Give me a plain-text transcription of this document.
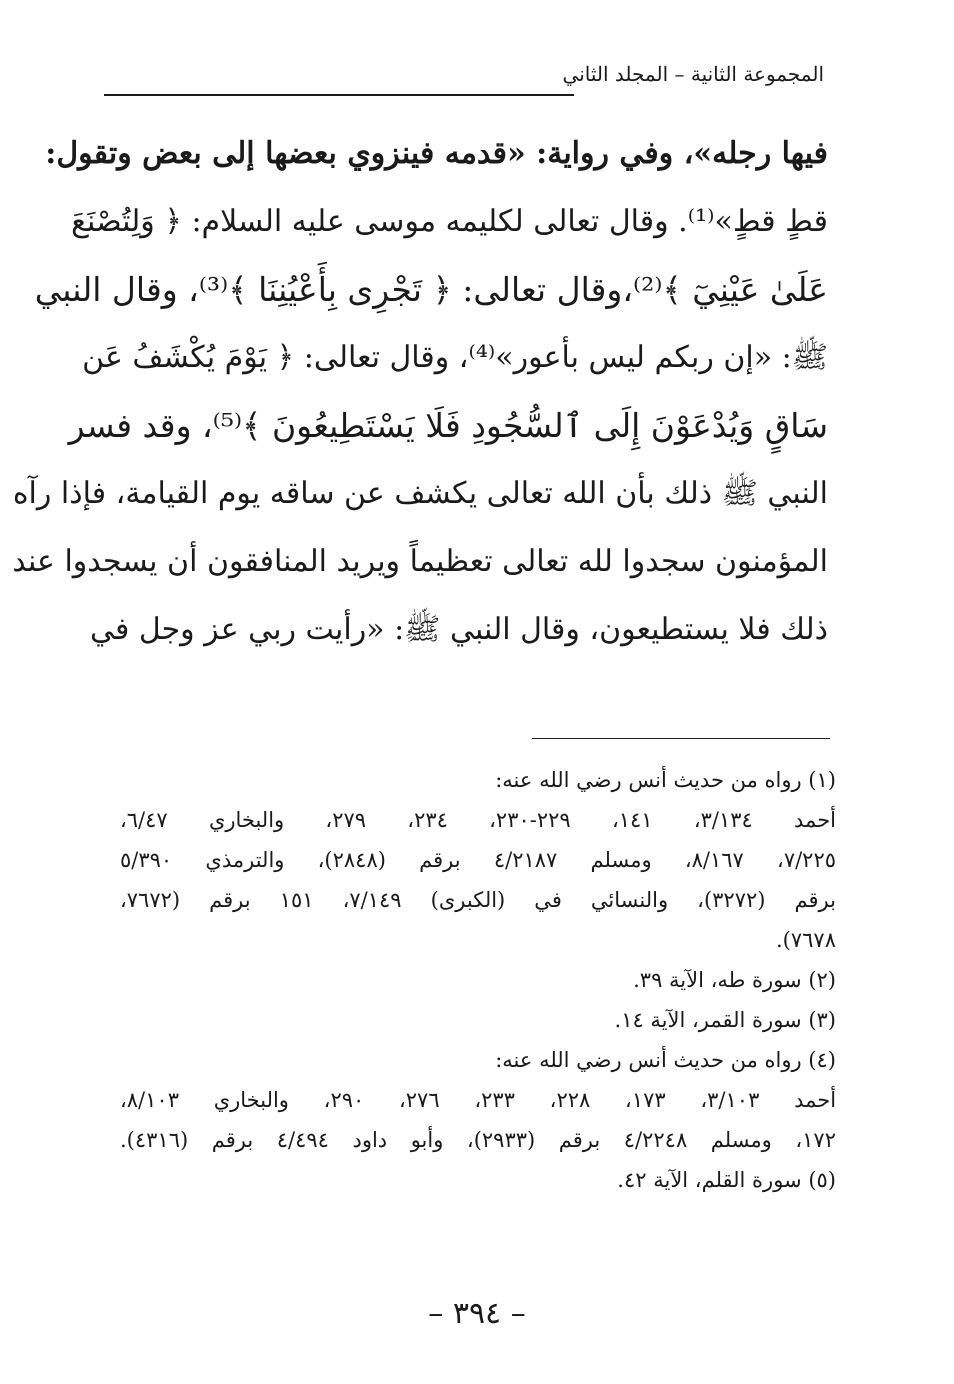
المجموعة الثانية – المجلد الثاني
فيها رجله»، وفي رواية: «قدمه فينزوي بعضها إلى بعض وتقول:
قطٍ قطٍ»⁽¹⁾. وقال تعالى لكليمه موسى عليه السلام: ﴿ وَلِتُصْنَعَ
عَلَىٰ عَيْنِيٓ ﴾⁽²⁾،وقال تعالى: ﴿ تَجْرِى بِأَعْيُنِنَا ﴾⁽³⁾، وقال النبي
ﷺ: «إن ربكم ليس بأعور»⁽⁴⁾، وقال تعالى: ﴿ يَوْمَ يُكْشَفُ عَن
سَاقٍ وَيُدْعَوْنَ إِلَى ٱلسُّجُودِ فَلَا يَسْتَطِيعُونَ ﴾⁽⁵⁾، وقد فسر
النبي ﷺ ذلك بأن الله تعالى يكشف عن ساقه يوم القيامة، فإذا رآه
المؤمنون سجدوا لله تعالى تعظيماً ويريد المنافقون أن يسجدوا عند
ذلك فلا يستطيعون، وقال النبي ﷺ: «رأيت ربي عز وجل في
(١) رواه من حديث أنس رضي الله عنه:
أحمد ٣/١٣٤، ١٤١، ٢٢٩-٢٣٠، ٢٣٤، ٢٧٩، والبخاري ٦/٤٧،
٧/٢٢٥، ٨/١٦٧، ومسلم ٤/٢١٨٧ برقم (٢٨٤٨)، والترمذي ٥/٣٩٠
برقم (٣٢٧٢)، والنسائي في (الكبرى) ٧/١٤٩، ١٥١ برقم (٧٦٧٢،
٧٦٧٨).
(٢) سورة طه، الآية ٣٩.
(٣) سورة القمر، الآية ١٤.
(٤) رواه من حديث أنس رضي الله عنه:
أحمد ٣/١٠٣، ١٧٣، ٢٢٨، ٢٣٣، ٢٧٦، ٢٩٠، والبخاري ٨/١٠٣،
١٧٢، ومسلم ٤/٢٢٤٨ برقم (٢٩٣٣)، وأبو داود ٤/٤٩٤ برقم (٤٣١٦).
(٥) سورة القلم، الآية ٤٢.
– ٣٩٤ –
